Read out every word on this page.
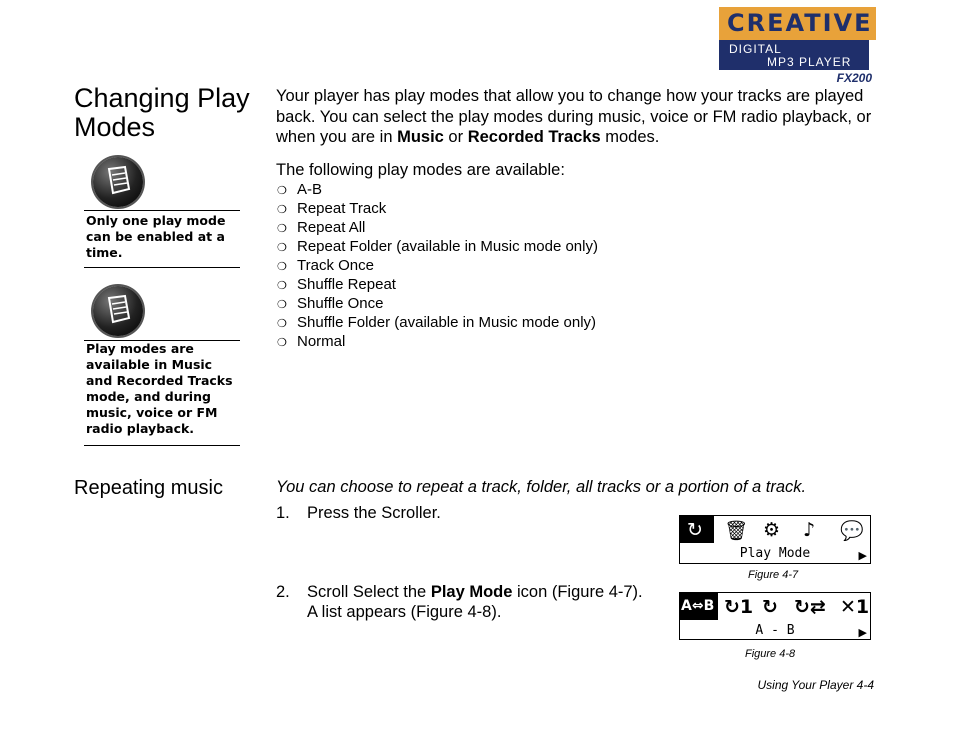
CREATIVE
DIGITAL
MP3 PLAYER
FX200
Changing Play Modes
Only one play mode can be enabled at a time.
Play modes are available in Music and Recorded Tracks mode, and during music, voice or FM radio playback.
Your player has play modes that allow you to change how your tracks are played back. You can select the play modes during music, voice or FM radio playback, or when you are in Music or Recorded Tracks modes.
The following play modes are available:
❍ A-B
❍ Repeat Track
❍ Repeat All
❍ Repeat Folder (available in Music mode only)
❍ Track Once
❍ Shuffle Repeat
❍ Shuffle Once
❍ Shuffle Folder (available in Music mode only)
❍ Normal
Repeating music	You can choose to repeat a track, folder, all tracks or a portion of a track.
1. Press the Scroller.
2. Scroll Select the Play Mode icon (Figure 4-7).
A list appears (Figure 4-8).
↻ 🗑 ⚙ ♪ 💬
Play Mode	▶
Figure 4-7
A⇔B ↻1 ↻ ↻⇄ ✕1
A - B	▶
Figure 4-8
Using Your Player 4-4
